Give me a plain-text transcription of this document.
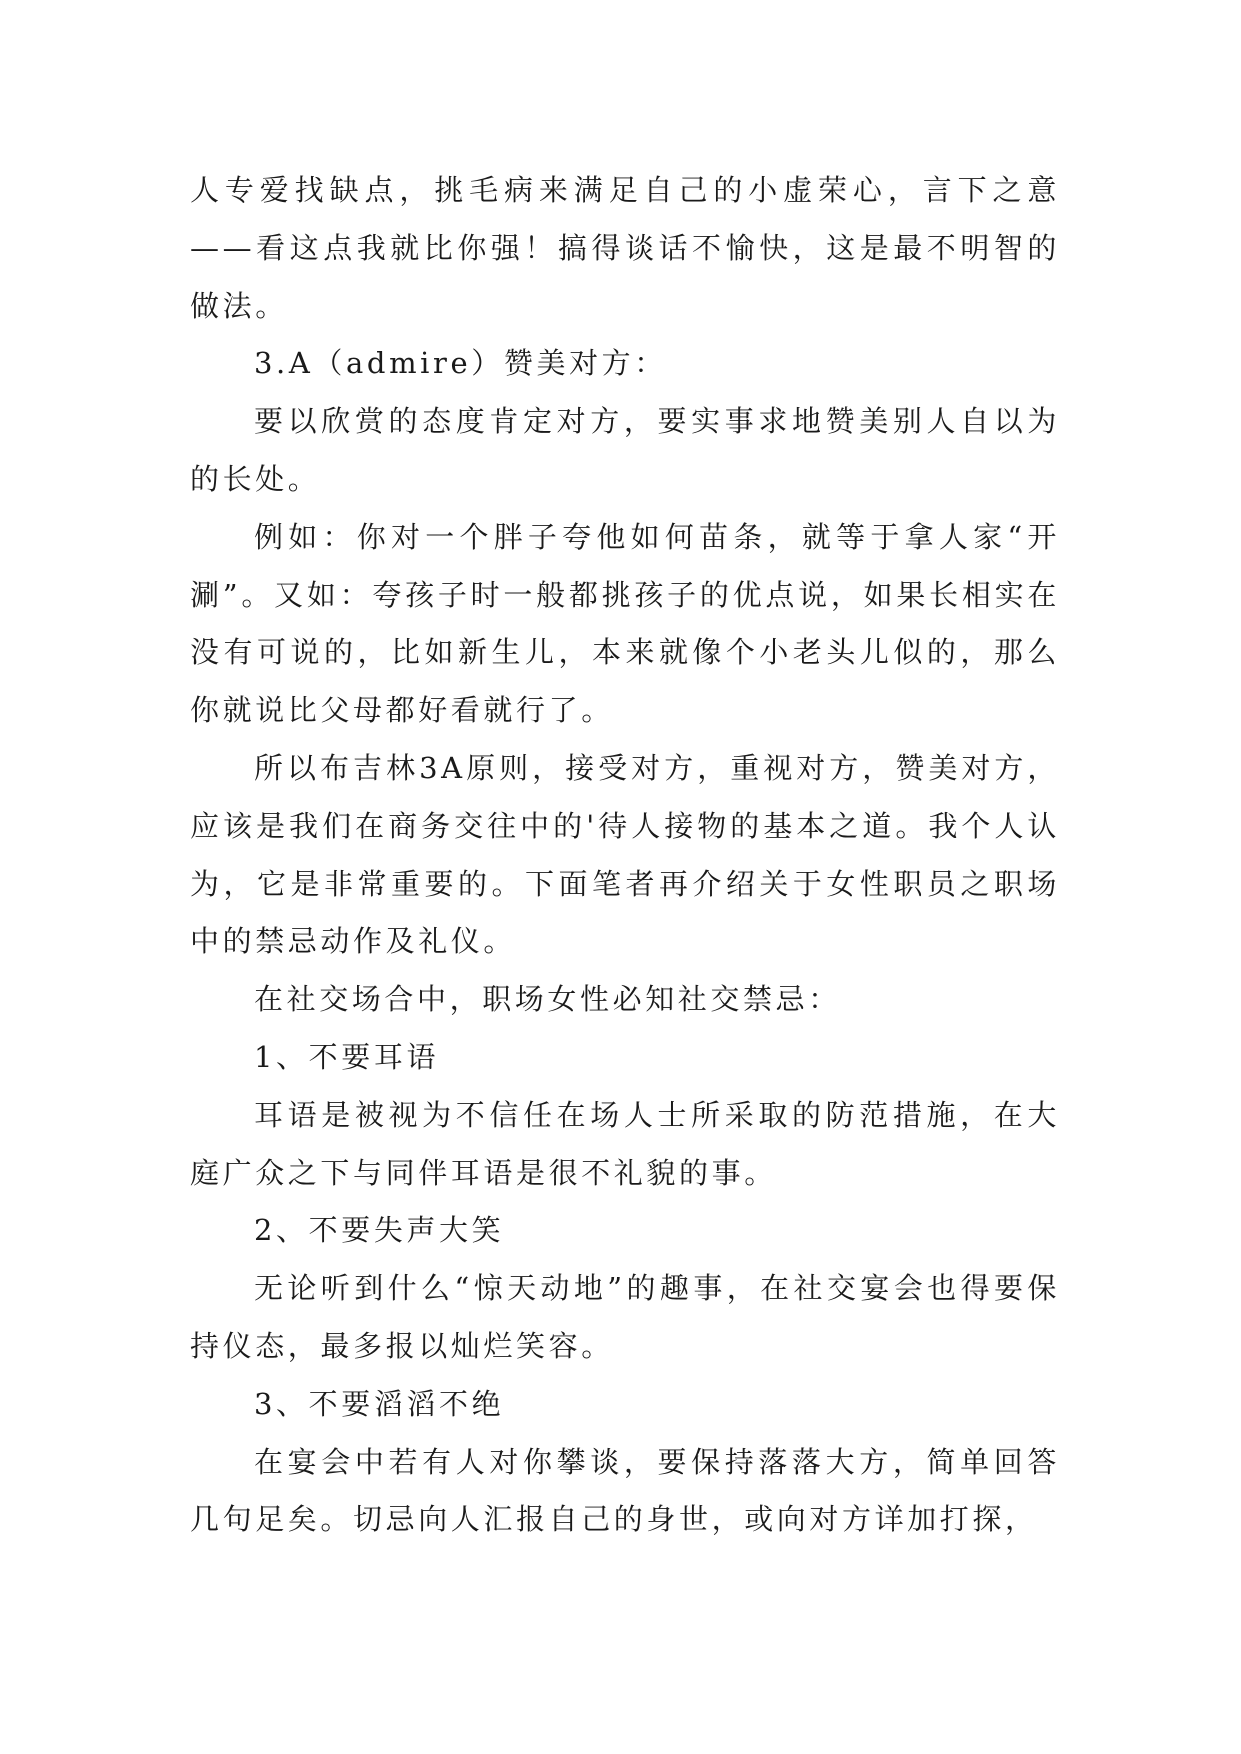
人专爱找缺点，挑毛病来满足自己的小虚荣心，言下之意——看这点我就比你强！搞得谈话不愉快，这是最不明智的做法。

3.A（admire）赞美对方：

要以欣赏的态度肯定对方，要实事求地赞美别人自以为的长处。

例如：你对一个胖子夸他如何苗条，就等于拿人家“开涮”。又如：夸孩子时一般都挑孩子的优点说，如果长相实在没有可说的，比如新生儿，本来就像个小老头儿似的，那么你就说比父母都好看就行了。

所以布吉林3A原则，接受对方，重视对方，赞美对方，应该是我们在商务交往中的'待人接物的基本之道。我个人认为，它是非常重要的。下面笔者再介绍关于女性职员之职场中的禁忌动作及礼仪。

在社交场合中，职场女性必知社交禁忌：

1、不要耳语

耳语是被视为不信任在场人士所采取的防范措施，在大庭广众之下与同伴耳语是很不礼貌的事。

2、不要失声大笑

无论听到什么“惊天动地”的趣事，在社交宴会也得要保持仪态，最多报以灿烂笑容。

3、不要滔滔不绝

在宴会中若有人对你攀谈，要保持落落大方，简单回答几句足矣。切忌向人汇报自己的身世，或向对方详加打探，
